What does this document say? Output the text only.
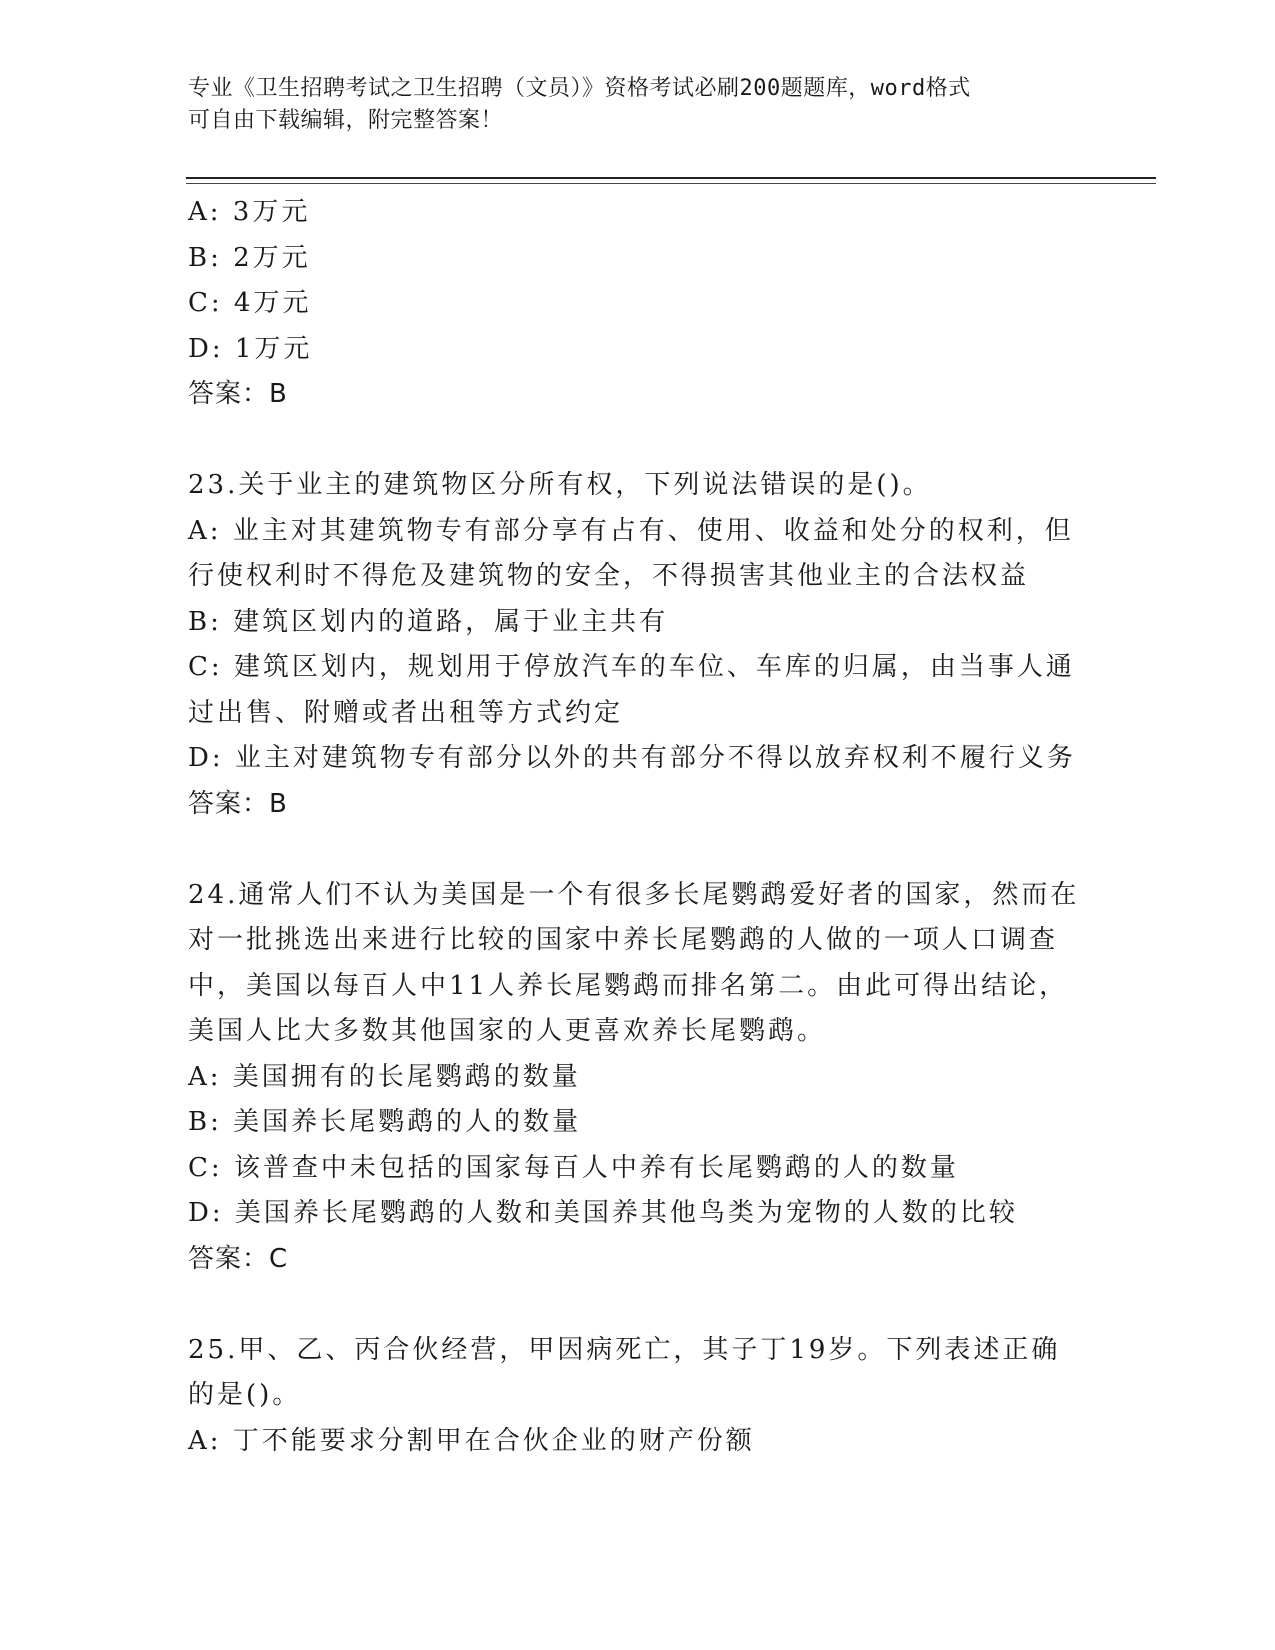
专业《卫生招聘考试之卫生招聘（文员）》资格考试必刷200题题库，word格式
可自由下载编辑，附完整答案！
A: 3万元
B: 2万元
C: 4万元
D: 1万元
答案：B
23.关于业主的建筑物区分所有权，下列说法错误的是()。
A: 业主对其建筑物专有部分享有占有、使用、收益和处分的权利，但
行使权利时不得危及建筑物的安全，不得损害其他业主的合法权益
B: 建筑区划内的道路，属于业主共有
C: 建筑区划内，规划用于停放汽车的车位、车库的归属，由当事人通
过出售、附赠或者出租等方式约定
D: 业主对建筑物专有部分以外的共有部分不得以放弃权利不履行义务
答案：B
24.通常人们不认为美国是一个有很多长尾鹦鹉爱好者的国家，然而在
对一批挑选出来进行比较的国家中养长尾鹦鹉的人做的一项人口调查
中，美国以每百人中11人养长尾鹦鹉而排名第二。由此可得出结论，
美国人比大多数其他国家的人更喜欢养长尾鹦鹉。
A: 美国拥有的长尾鹦鹉的数量
B: 美国养长尾鹦鹉的人的数量
C: 该普查中未包括的国家每百人中养有长尾鹦鹉的人的数量
D: 美国养长尾鹦鹉的人数和美国养其他鸟类为宠物的人数的比较
答案：C
25.甲、乙、丙合伙经营，甲因病死亡，其子丁19岁。下列表述正确
的是()。
A: 丁不能要求分割甲在合伙企业的财产份额
